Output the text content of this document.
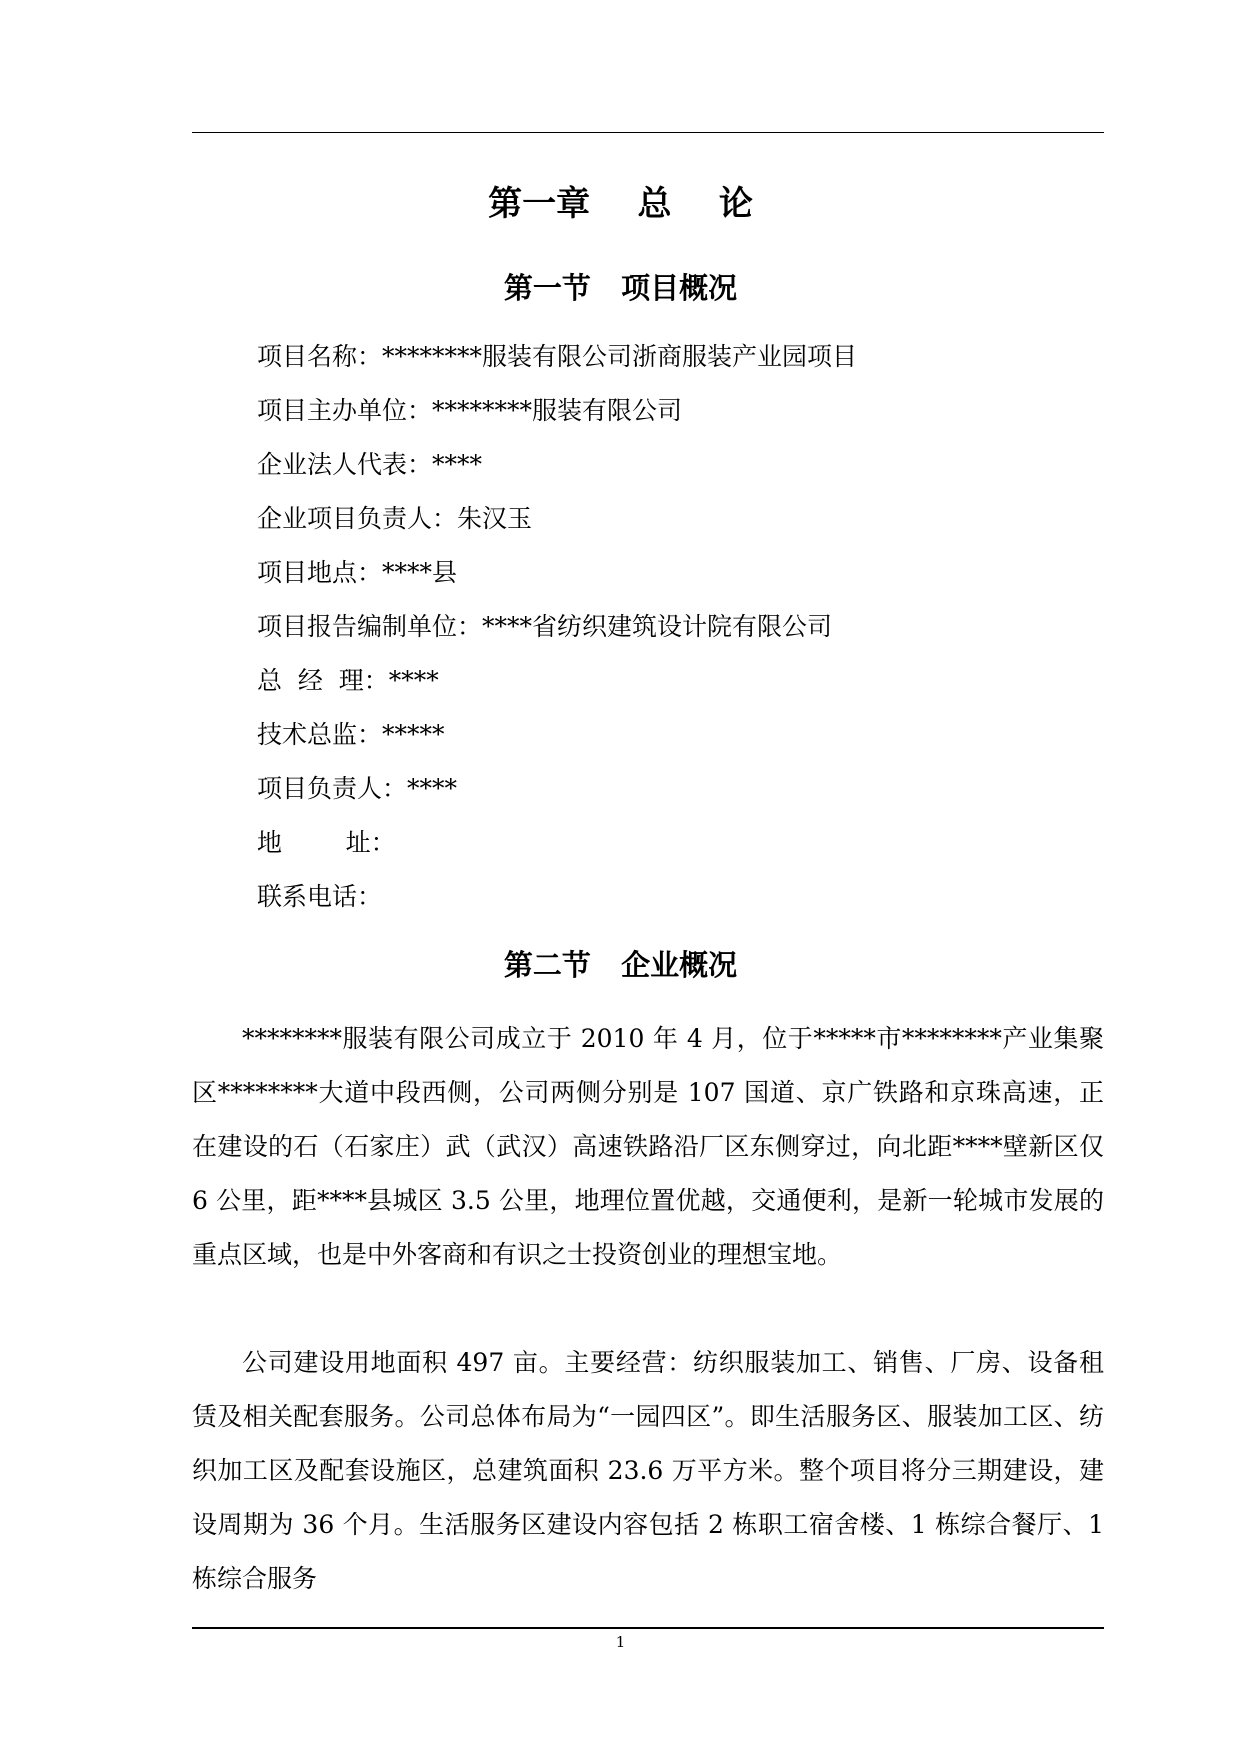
第一章    总    论
第一节   项目概况
项目名称：********服装有限公司浙商服装产业园项目
项目主办单位：********服装有限公司
企业法人代表：****
企业项目负责人：朱汉玉
项目地点：****县
项目报告编制单位：****省纺织建筑设计院有限公司
总  经  理：****
技术总监：*****
项目负责人：****
地        址：
联系电话：
第二节   企业概况

********服装有限公司成立于 2010 年 4 月，位于*****市********产业集聚区********大道中段西侧，公司两侧分别是 107 国道、京广铁路和京珠高速，正在建设的石（石家庄）武（武汉）高速铁路沿厂区东侧穿过，向北距****壁新区仅 6 公里，距****县城区 3.5 公里，地理位置优越，交通便利，是新一轮城市发展的重点区域，也是中外客商和有识之士投资创业的理想宝地。

公司建设用地面积 497 亩。主要经营：纺织服装加工、销售、厂房、设备租赁及相关配套服务。公司总体布局为“一园四区”。即生活服务区、服装加工区、纺织加工区及配套设施区，总建筑面积 23.6 万平方米。整个项目将分三期建设，建设周期为 36 个月。生活服务区建设内容包括 2 栋职工宿舍楼、1 栋综合餐厅、1 栋综合服务

1
